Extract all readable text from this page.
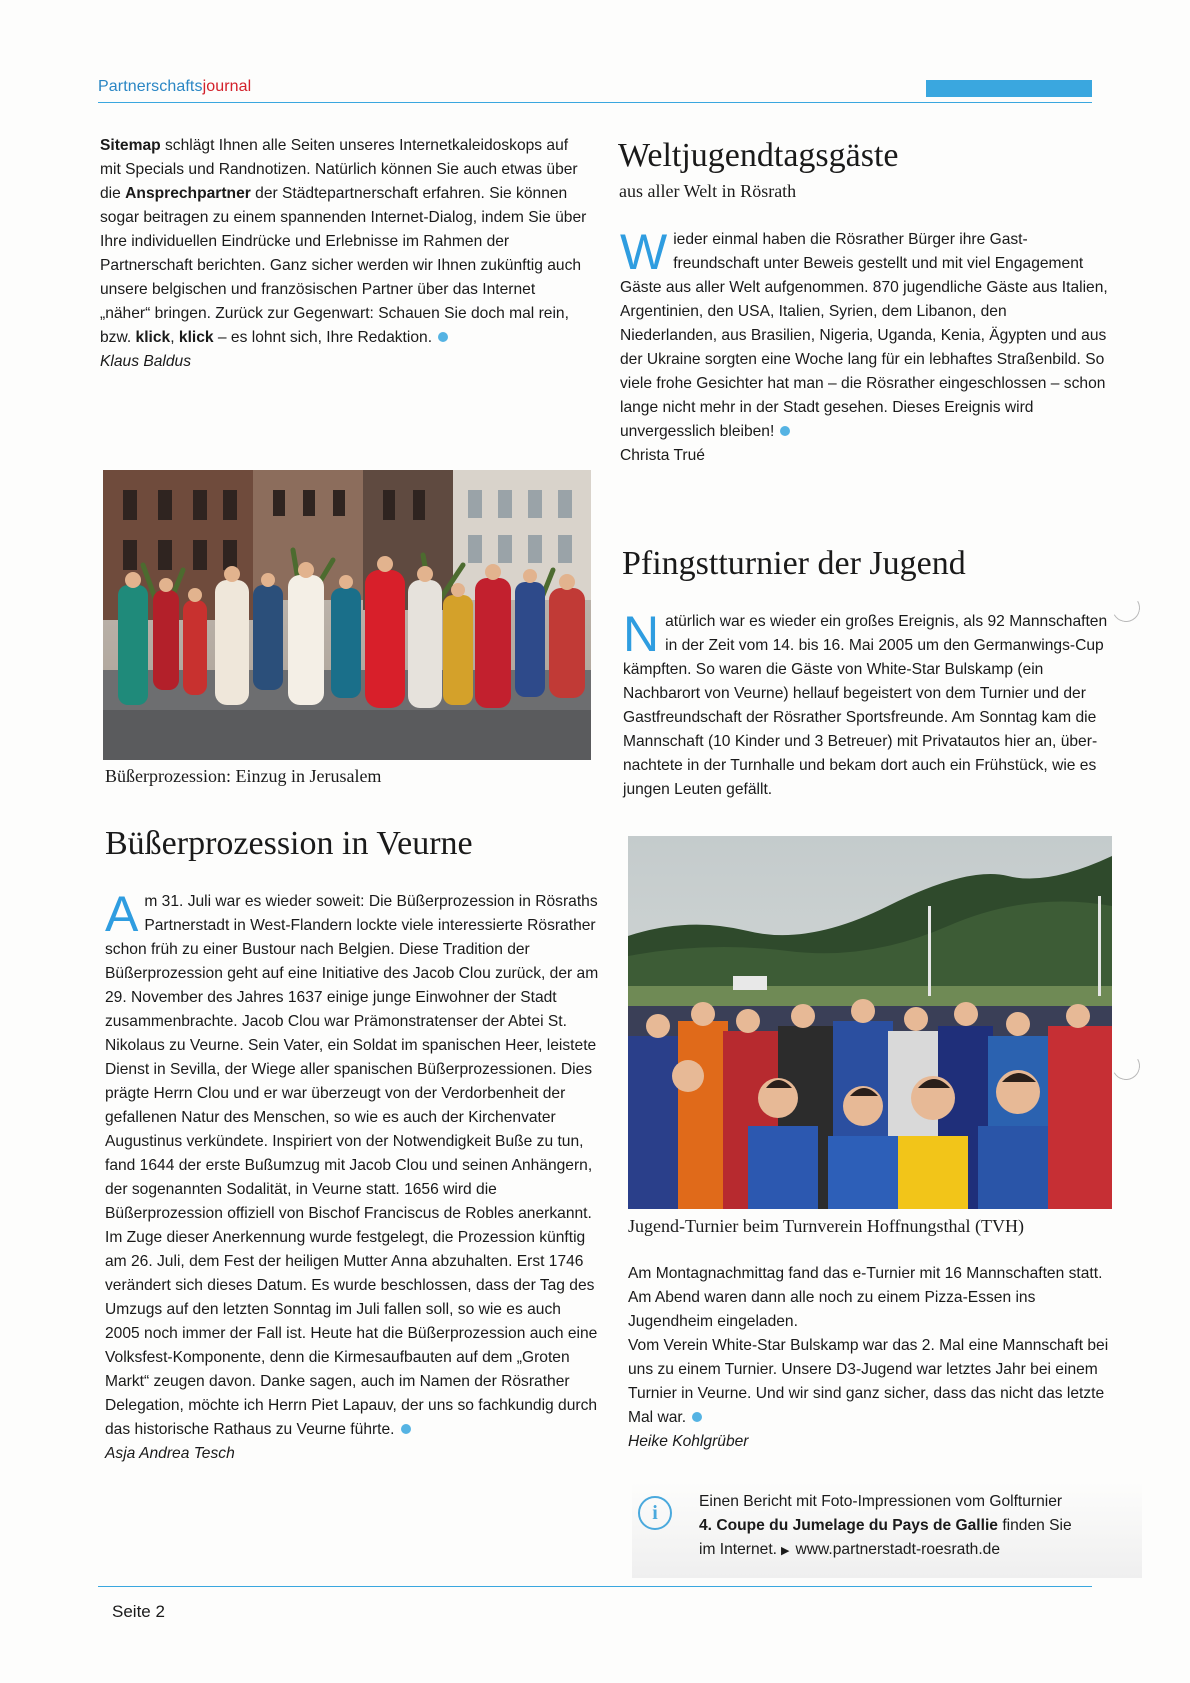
Partnerschaftsjournal

Sitemap schlägt Ihnen alle Seiten unseres Internetkaleidoskops auf mit Specials und Randnotizen. Natürlich können Sie auch etwas über die Ansprechpartner der Städtepartnerschaft erfahren. Sie können sogar beitragen zu einem spannenden Internet-Dialog, indem Sie über Ihre individuellen Eindrücke und Erlebnisse im Rahmen der Partnerschaft berichten. Ganz sicher werden wir Ihnen zukünftig auch unsere belgischen und französischen Partner über das Internet „näher“ bringen. Zurück zur Gegenwart: Schauen Sie doch mal rein, bzw. klick, klick – es lohnt sich, Ihre Redaktion.

Klaus Baldus

Büßerprozession: Einzug in Jerusalem
Büßerprozession in Veurne

Am 31. Juli war es wieder soweit: Die Büßerprozession in Rösraths Partnerstadt in West-Flandern lockte viele interessierte Rösrather schon früh zu einer Bustour nach Belgien. Diese Tradition der Büßerprozession geht auf eine Initiative des Jacob Clou zurück, der am 29. November des Jahres 1637 einige junge Einwohner der Stadt zusammenbrachte. Jacob Clou war Prämonstratenser der Abtei St. Nikolaus zu Veurne. Sein Vater, ein Soldat im spanischen Heer, leistete Dienst in Sevilla, der Wiege aller spanischen Büßerprozessionen. Dies prägte Herrn Clou und er war überzeugt von der Verdorbenheit der gefallenen Natur des Menschen, so wie es auch der Kirchenvater Augustinus verkündete. Inspiriert von der Notwendigkeit Buße zu tun, fand 1644 der erste Bußumzug mit Jacob Clou und seinen Anhängern, der sogenannten Sodalität, in Veurne statt. 1656 wird die Büßerprozession offiziell von Bischof Franciscus de Robles anerkannt. Im Zuge dieser Anerkennung wurde festgelegt, die Prozession künftig am 26. Juli, dem Fest der heiligen Mutter Anna abzuhalten. Erst 1746 verändert sich dieses Datum. Es wurde beschlossen, dass der Tag des Umzugs auf den letzten Sonntag im Juli fallen soll, so wie es auch 2005 noch immer der Fall ist. Heute hat die Büßerprozession auch eine Volksfest-Komponente, denn die Kirmesaufbauten auf dem „Groten Markt“ zeugen davon. Danke sagen, auch im Namen der Rösrather Delegation, möchte ich Herrn Piet Lapauv, der uns so fachkundig durch das historische Rathaus zu Veurne führte.

Asja Andrea Tesch

Weltjugendtagsgäste
aus aller Welt in Rösrath

Wieder einmal haben die Rösrather Bürger ihre Gastfreundschaft unter Beweis gestellt und mit viel Engagement Gäste aus aller Welt aufgenommen. 870 jugendliche Gäste aus Italien, Argentinien, den USA, Italien, Syrien, dem Libanon, den Niederlanden, aus Brasilien, Nigeria, Uganda, Kenia, Ägypten und aus der Ukraine sorgten eine Woche lang für ein lebhaftes Straßenbild. So viele frohe Gesichter hat man – die Rösrather eingeschlossen – schon lange nicht mehr in der Stadt gesehen. Dieses Ereignis wird unvergesslich bleiben!

Christa Trué

Pfingstturnier der Jugend

Natürlich war es wieder ein großes Ereignis, als 92 Mannschaften in der Zeit vom 14. bis 16. Mai 2005 um den Germanwings-Cup kämpften. So waren die Gäste von White-Star Bulskamp (ein Nachbarort von Veurne) hellauf begeistert von dem Turnier und der Gastfreundschaft der Rösrather Sportsfreunde. Am Sonntag kam die Mannschaft (10 Kinder und 3 Betreuer) mit Privatautos hier an, übernachtete in der Turnhalle und bekam dort auch ein Frühstück, wie es jungen Leuten gefällt.

Jugend-Turnier beim Turnverein Hoffnungsthal (TVH)

Am Montagnachmittag fand das e-Turnier mit 16 Mannschaften statt. Am Abend waren dann alle noch zu einem Pizza-Essen ins Jugendheim eingeladen.

Vom Verein White-Star Bulskamp war das 2. Mal eine Mannschaft bei uns zu einem Turnier. Unsere D3-Jugend war letztes Jahr bei einem Turnier in Veurne. Und wir sind ganz sicher, dass das nicht das letzte Mal war.

Heike Kohlgrüber

i
Einen Bericht mit Foto-Impressionen vom Golfturnier
4. Coupe du Jumelage du Pays de Gallie finden Sie
im Internet. ▶ www.partnerstadt-roesrath.de
Seite 2
